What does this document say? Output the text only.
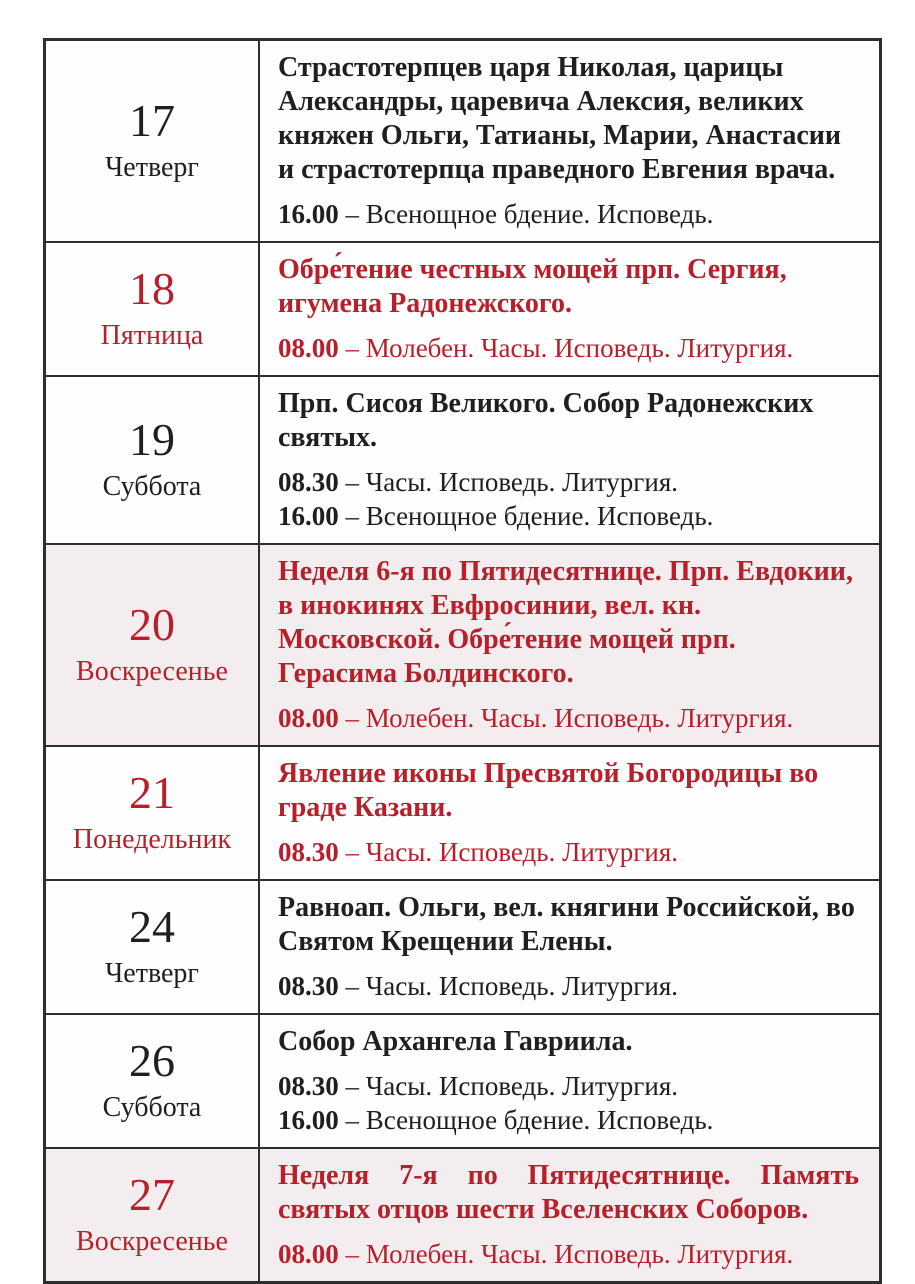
17
Четверг

Страстотерпцев царя Николая, царицы Александры, царевича Алексия, великих княжен Ольги, Татианы, Марии, Анастасии и страстотерпца праведного Евгения врача.
16.00 – Всенощное бдение. Исповедь.

18
Пятница

Обре́тение честных мощей прп. Сергия, игумена Радонежского.
08.00 – Молебен. Часы. Исповедь. Литургия.

19
Суббота

Прп. Сисоя Великого. Собор Радонежских святых.
08.30 – Часы. Исповедь. Литургия.
16.00 – Всенощное бдение. Исповедь.

20
Воскресенье

Неделя 6-я по Пятидесятнице. Прп. Евдокии, в инокинях Евфросинии, вел. кн. Московской. Обре́тение мощей прп. Герасима Болдинского.
08.00 – Молебен. Часы. Исповедь. Литургия.

21
Понедельник

Явление иконы Пресвятой Богородицы во граде Казани.
08.30 – Часы. Исповедь. Литургия.

24
Четверг

Равноап. Ольги, вел. княгини Российской, во Святом Крещении Елены.
08.30 – Часы. Исповедь. Литургия.

26
Суббота

Собор Архангела Гавриила.
08.30 – Часы. Исповедь. Литургия.
16.00 – Всенощное бдение. Исповедь.

27
Воскресенье

Неделя 7-я по Пятидесятнице. Память святых отцов шести Вселенских Соборов.
08.00 – Молебен. Часы. Исповедь. Литургия.
